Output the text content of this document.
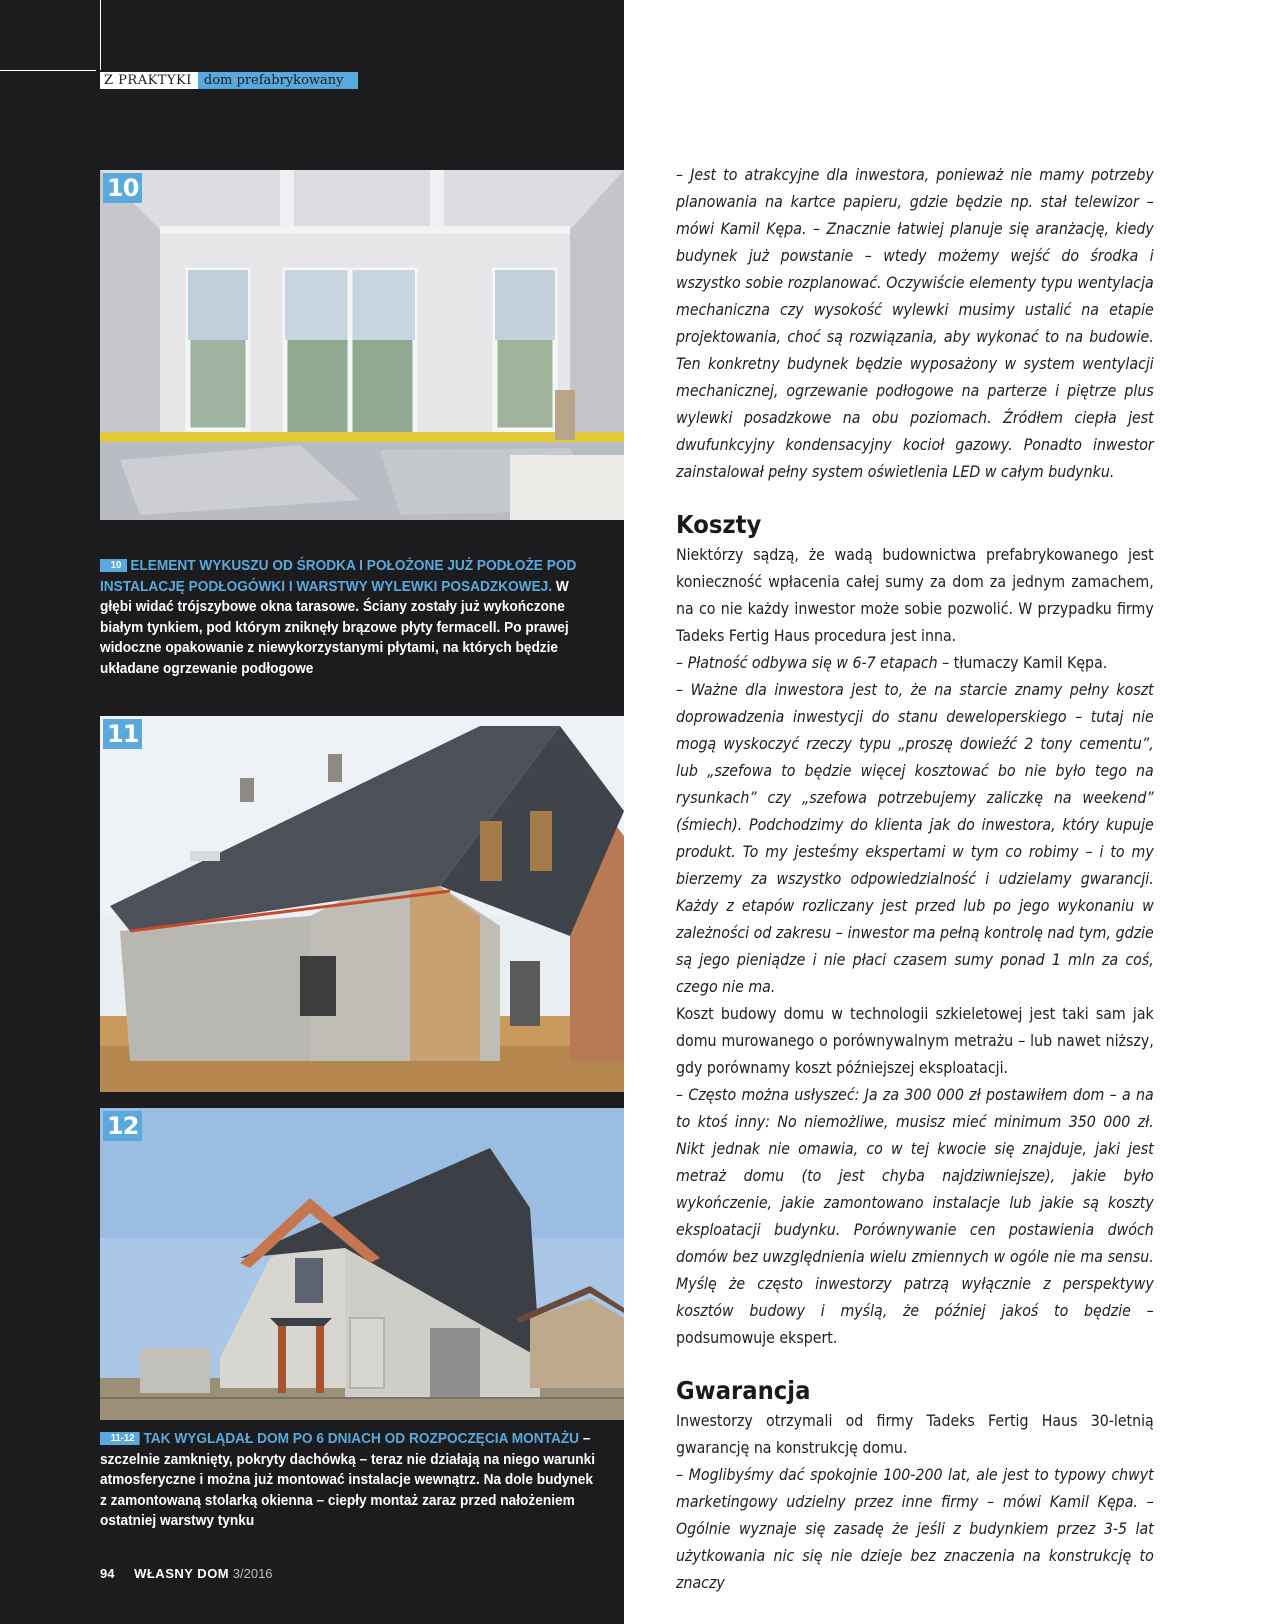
Z PRAKTYKI dom prefabrykowany
10
10 ELEMENT WYKUSZU OD ŚRODKA I POŁOŻONE JUŻ PODŁOŻE POD INSTALACJĘ PODŁOGÓWKI I WARSTWY WYLEWKI POSADZKOWEJ. W głębi widać trójszybowe okna tarasowe. Ściany zostały już wykończone białym tynkiem, pod którym zniknęły brązowe płyty fermacell. Po prawej widoczne opakowanie z niewykorzystanymi płytami, na których będzie układane ogrzewanie podłogowe
11
12
11-12 TAK WYGLĄDAŁ DOM PO 6 DNIACH OD ROZPOCZĘCIA MONTAŻU – szczelnie zamknięty, pokryty dachówką – teraz nie działają na niego warunki atmosferyczne i można już montować instalacje wewnątrz. Na dole budynek z zamontowaną stolarką okienna – ciepły montaż zaraz przed nałożeniem ostatniej warstwy tynku
94 WŁASNY DOM 3/2016

– Jest to atrakcyjne dla inwestora, ponieważ nie mamy potrzeby planowania na kartce papieru, gdzie będzie np. stał telewizor – mówi Kamil Kępa. – Znacznie łatwiej planuje się aranżację, kiedy budynek już powstanie – wtedy możemy wejść do środka i wszystko sobie rozplanować. Oczywiście elementy typu wentylacja mechaniczna czy wysokość wylewki musimy ustalić na etapie projektowania, choć są rozwiązania, aby wykonać to na budowie. Ten konkretny budynek będzie wyposażony w system wentylacji mechanicznej, ogrzewanie podłogowe na parterze i piętrze plus wylewki posadzkowe na obu poziomach. Źródłem ciepła jest dwufunkcyjny kondensacyjny kocioł gazowy. Ponadto inwestor zainstalował pełny system oświetlenia LED w całym budynku.

Koszty

Niektórzy sądzą, że wadą budownictwa prefabrykowanego jest konieczność wpłacenia całej sumy za dom za jednym zamachem, na co nie każdy inwestor może sobie pozwolić. W przypadku firmy Tadeks Fertig Haus procedura jest inna.

– Płatność odbywa się w 6-7 etapach – tłumaczy Kamil Kępa.

– Ważne dla inwestora jest to, że na starcie znamy pełny koszt doprowadzenia inwestycji do stanu deweloperskiego – tutaj nie mogą wyskoczyć rzeczy typu „proszę dowieźć 2 tony cementu”, lub „szefowa to będzie więcej kosztować bo nie było tego na rysunkach” czy „szefowa potrzebujemy zaliczkę na weekend” (śmiech). Podchodzimy do klienta jak do inwestora, który kupuje produkt. To my jesteśmy ekspertami w tym co robimy – i to my bierzemy za wszystko odpowiedzialność i udzielamy gwarancji. Każdy z etapów rozliczany jest przed lub po jego wykonaniu w zależności od zakresu – inwestor ma pełną kontrolę nad tym, gdzie są jego pieniądze i nie płaci czasem sumy ponad 1 mln za coś, czego nie ma.

Koszt budowy domu w technologii szkieletowej jest taki sam jak domu murowanego o porównywalnym metrażu – lub nawet niższy, gdy porównamy koszt późniejszej eksploatacji.

– Często można usłyszeć: Ja za 300 000 zł postawiłem dom – a na to ktoś inny: No niemożliwe, musisz mieć minimum 350 000 zł. Nikt jednak nie omawia, co w tej kwocie się znajduje, jaki jest metraż domu (to jest chyba najdziwniejsze), jakie było wykończenie, jakie zamontowano instalacje lub jakie są koszty eksploatacji budynku. Porównywanie cen postawienia dwóch domów bez uwzględnienia wielu zmiennych w ogóle nie ma sensu. Myślę że często inwestorzy patrzą wyłącznie z perspektywy kosztów budowy i myślą, że później jakoś to będzie – podsumowuje ekspert.

Gwarancja

Inwestorzy otrzymali od firmy Tadeks Fertig Haus 30-letnią gwarancję na konstrukcję domu.

– Moglibyśmy dać spokojnie 100-200 lat, ale jest to typowy chwyt marketingowy udzielny przez inne firmy – mówi Kamil Kępa. – Ogólnie wyznaje się zasadę że jeśli z budynkiem przez 3-5 lat użytkowania nic się nie dzieje bez znaczenia na konstrukcję to znaczy
